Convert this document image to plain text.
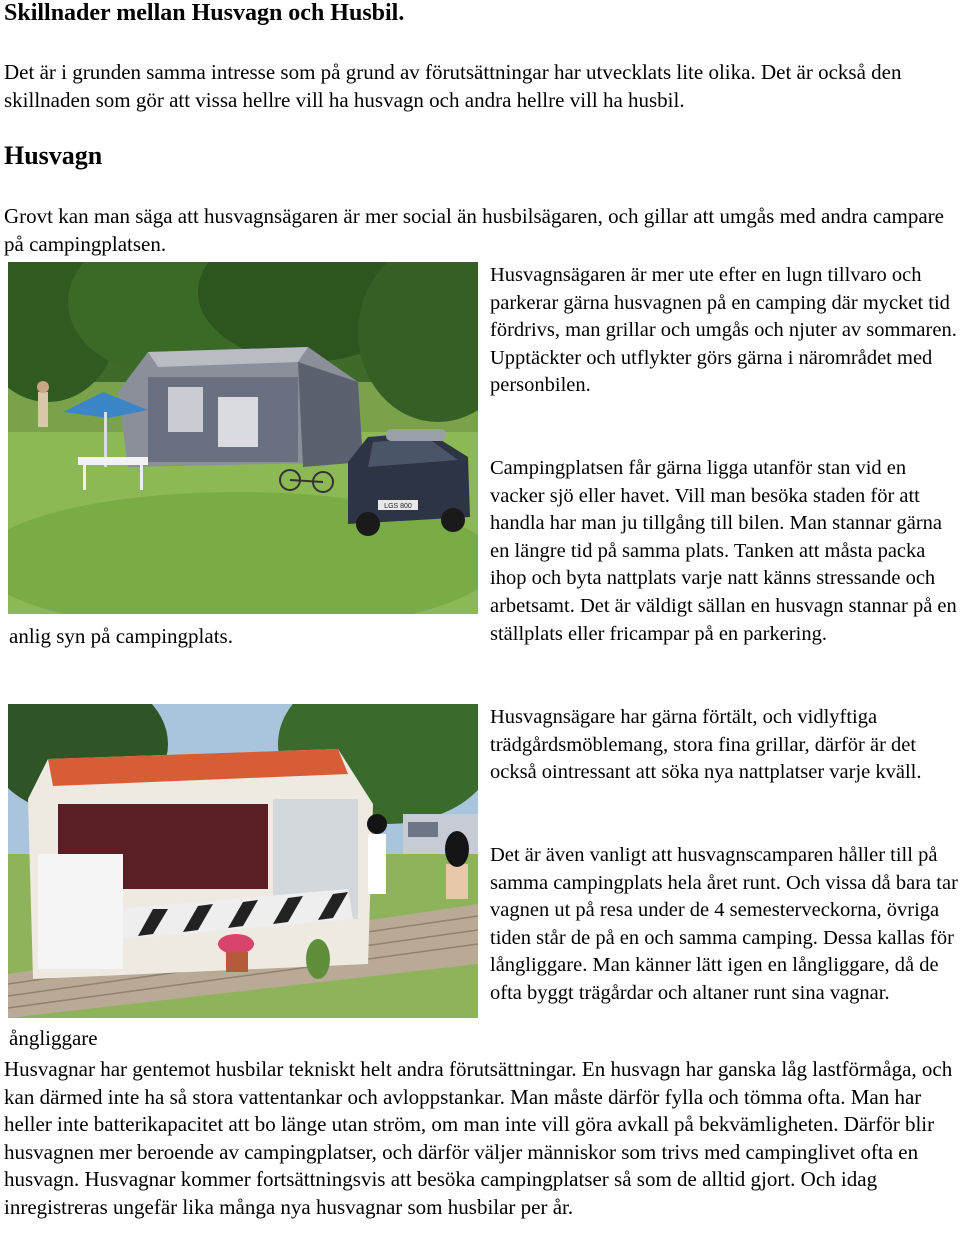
Skillnader mellan Husvagn och Husbil.

Det är i grunden samma intresse som på grund av förutsättningar har utvecklats lite olika. Det är också den skillnaden som gör att vissa hellre vill ha husvagn och andra hellre vill ha husbil.

Husvagn

Grovt kan man säga att husvagnsägaren är mer social än husbilsägaren, och gillar att umgås med andra campare på campingplatsen.

LGS 800
anlig syn på campingplats.

Husvagnsägaren är mer ute efter en lugn tillvaro och parkerar gärna husvagnen på en camping där mycket tid fördrivs, man grillar och umgås och njuter av sommaren. Upptäckter och utflykter görs gärna i närområdet med personbilen.

Campingplatsen får gärna ligga utanför stan vid en vacker sjö eller havet. Vill man besöka staden för att handla har man ju tillgång till bilen. Man stannar gärna en längre tid på samma plats. Tanken att måsta packa ihop och byta nattplats varje natt känns stressande och arbetsamt. Det är väldigt sällan en husvagn stannar på en ställplats eller fricampar på en parkering.

Husvagnsägare har gärna förtält, och vidlyftiga trädgårdsmöblemang, stora fina grillar, därför är det också ointressant att söka nya nattplatser varje kväll.

Det är även vanligt att husvagnscamparen håller till på samma campingplats hela året runt. Och vissa då bara tar vagnen ut på resa under de 4 semesterveckorna, övriga tiden står de på en och samma camping. Dessa kallas för långliggare. Man känner lätt igen en långliggare, då de ofta byggt trägårdar och altaner runt sina vagnar.

ångliggare

Husvagnar har gentemot husbilar tekniskt helt andra förutsättningar. En husvagn har ganska låg lastförmåga, och kan därmed inte ha så stora vattentankar och avloppstankar. Man måste därför fylla och tömma ofta. Man har heller inte batterikapacitet att bo länge utan ström, om man inte vill göra avkall på bekvämligheten. Därför blir husvagnen mer beroende av campingplatser, och därför väljer människor som trivs med campinglivet ofta en husvagn. Husvagnar kommer fortsättningsvis att besöka campingplatser så som de alltid gjort. Och idag inregistreras ungefär lika många nya husvagnar som husbilar per år.
